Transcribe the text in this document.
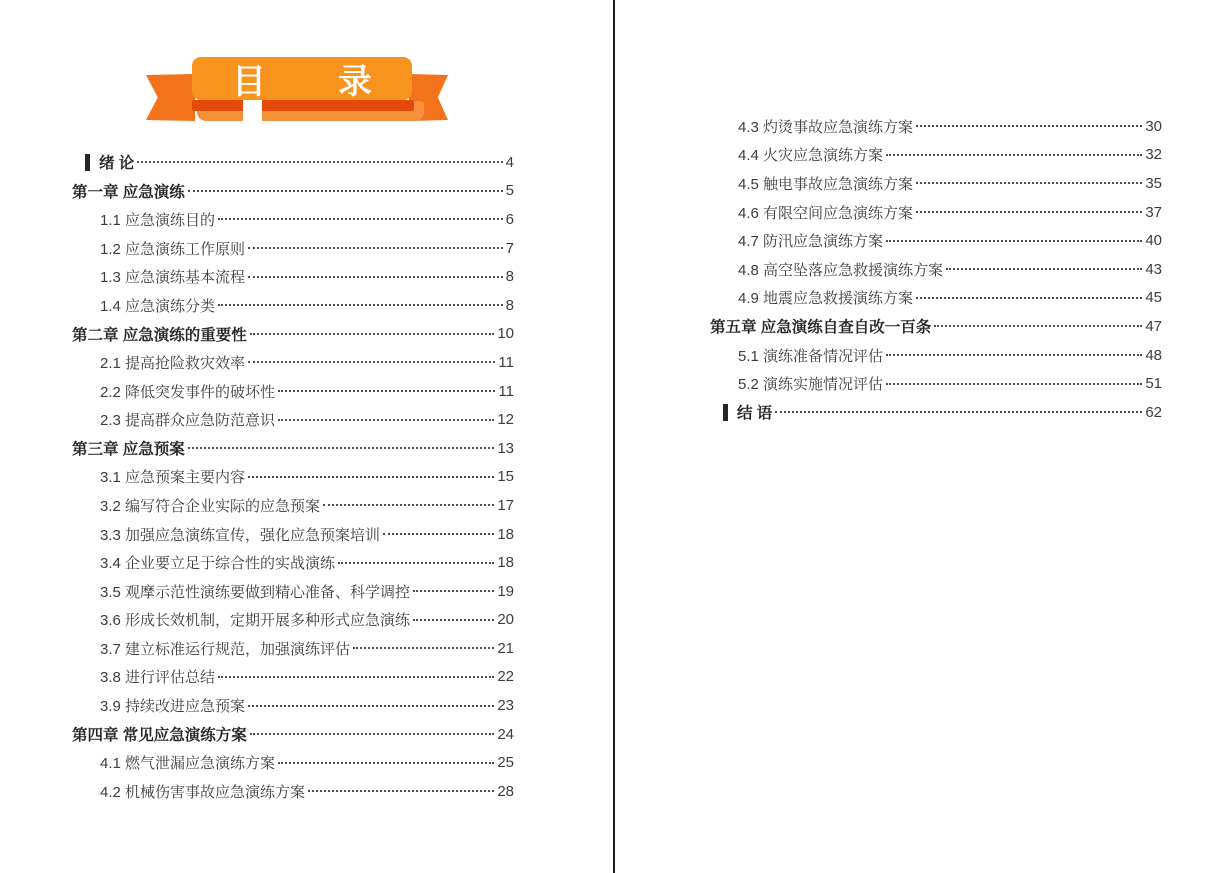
目 录
绪 论	4
第一章 应急演练	5
1.1 应急演练目的	6
1.2 应急演练工作原则	7
1.3 应急演练基本流程	8
1.4 应急演练分类	8
第二章 应急演练的重要性	10
2.1 提高抢险救灾效率	11
2.2 降低突发事件的破坏性	11
2.3 提高群众应急防范意识	12
第三章 应急预案	13
3.1 应急预案主要内容	15
3.2 编写符合企业实际的应急预案	17
3.3 加强应急演练宣传，强化应急预案培训	18
3.4 企业要立足于综合性的实战演练	18
3.5 观摩示范性演练要做到精心准备、科学调控	19
3.6 形成长效机制，定期开展多种形式应急演练	20
3.7 建立标准运行规范，加强演练评估	21
3.8 进行评估总结	22
3.9 持续改进应急预案	23
第四章 常见应急演练方案	24
4.1 燃气泄漏应急演练方案	25
4.2 机械伤害事故应急演练方案	28
4.3 灼烫事故应急演练方案	30
4.4 火灾应急演练方案	32
4.5 触电事故应急演练方案	35
4.6 有限空间应急演练方案	37
4.7 防汛应急演练方案	40
4.8 高空坠落应急救援演练方案	43
4.9 地震应急救援演练方案	45
第五章 应急演练自查自改一百条	47
5.1 演练准备情况评估	48
5.2 演练实施情况评估	51
结 语	62
